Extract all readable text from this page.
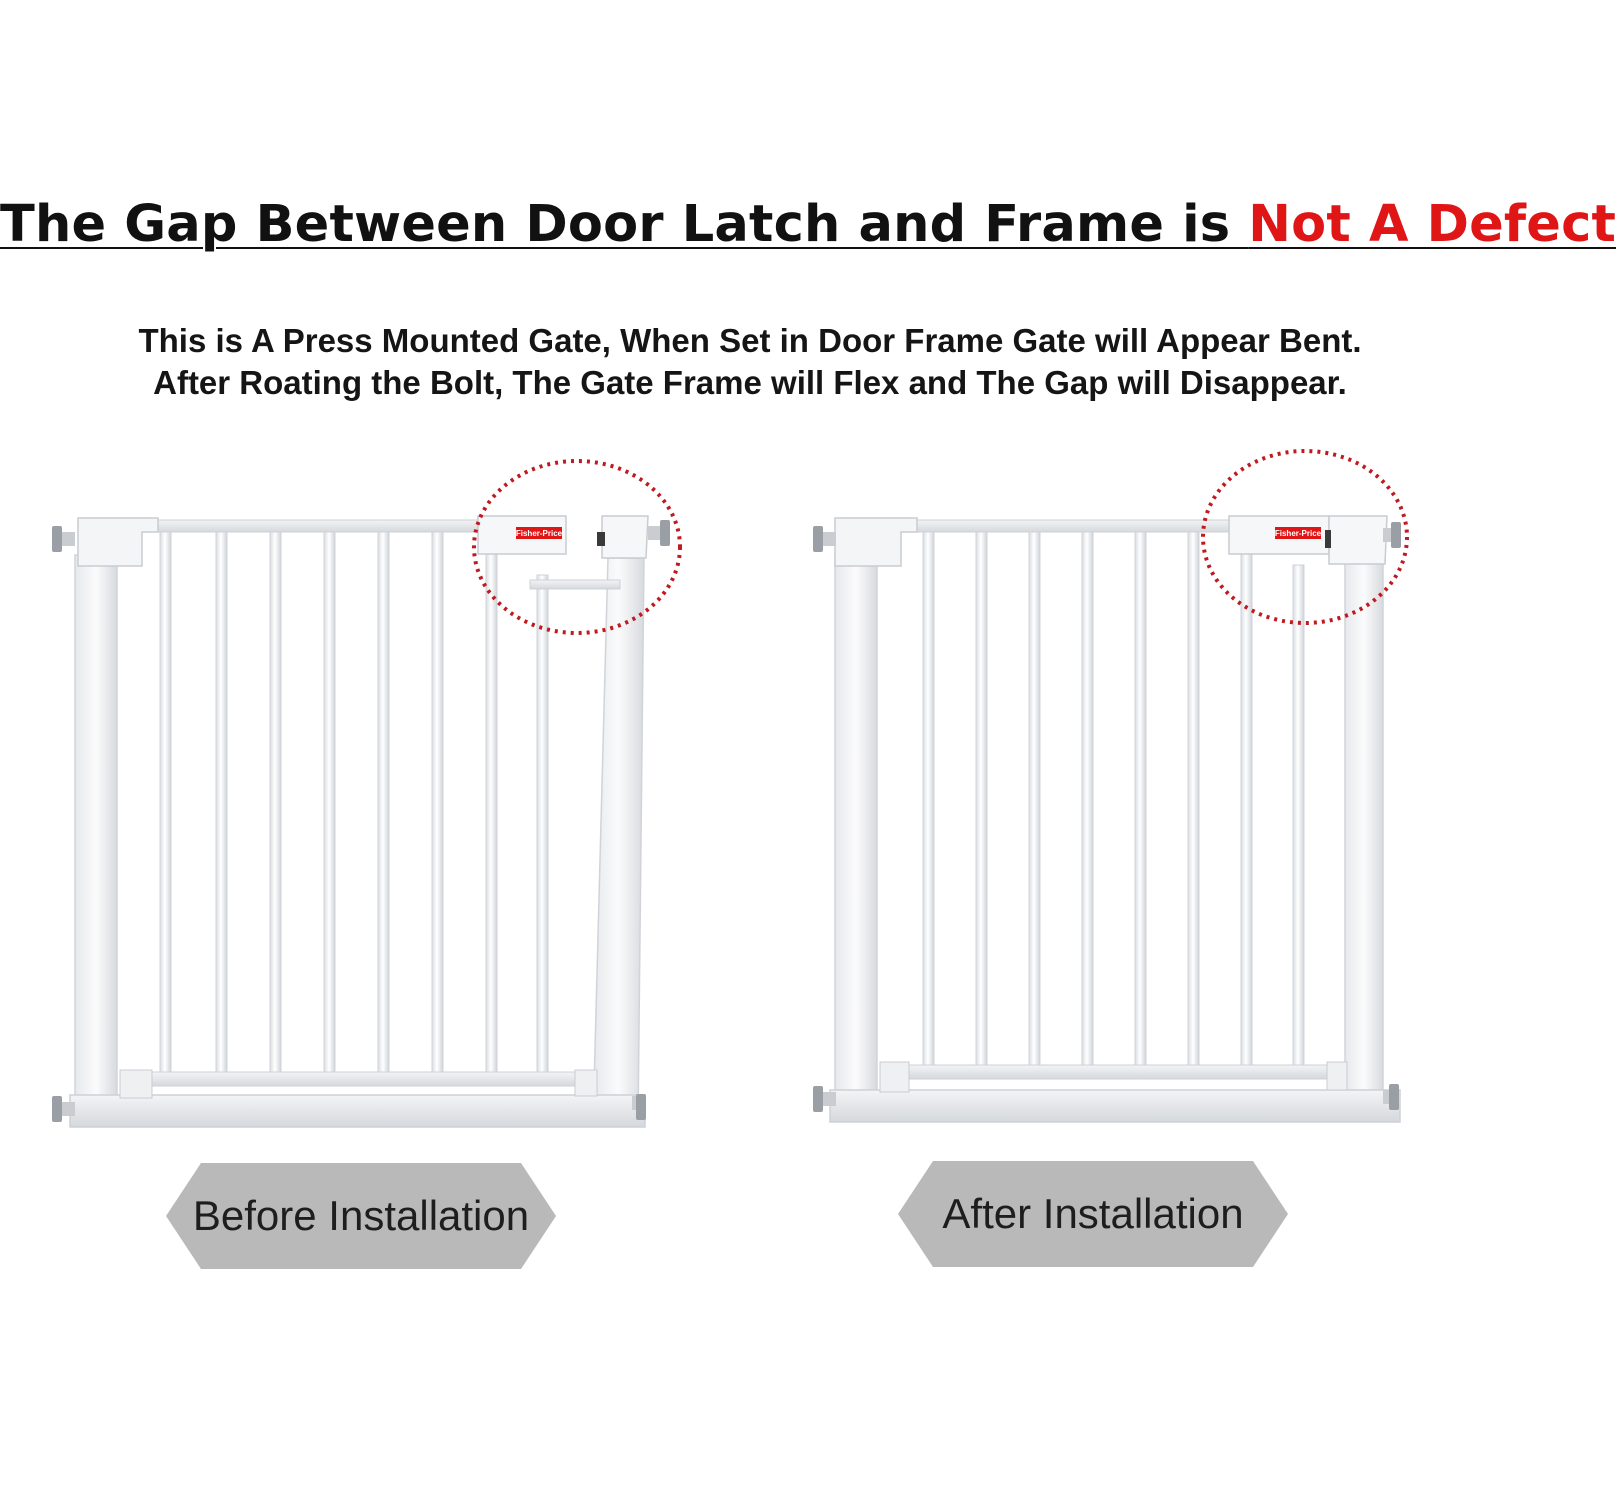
The Gap Between Door Latch and Frame is Not A Defect
This is A Press Mounted Gate, When Set in Door Frame Gate will Appear Bent.
After Roating the Bolt, The Gate Frame will Flex and The Gap will Disappear.
Fisher-Price	Fisher-Price
Before Installation	After Installation
